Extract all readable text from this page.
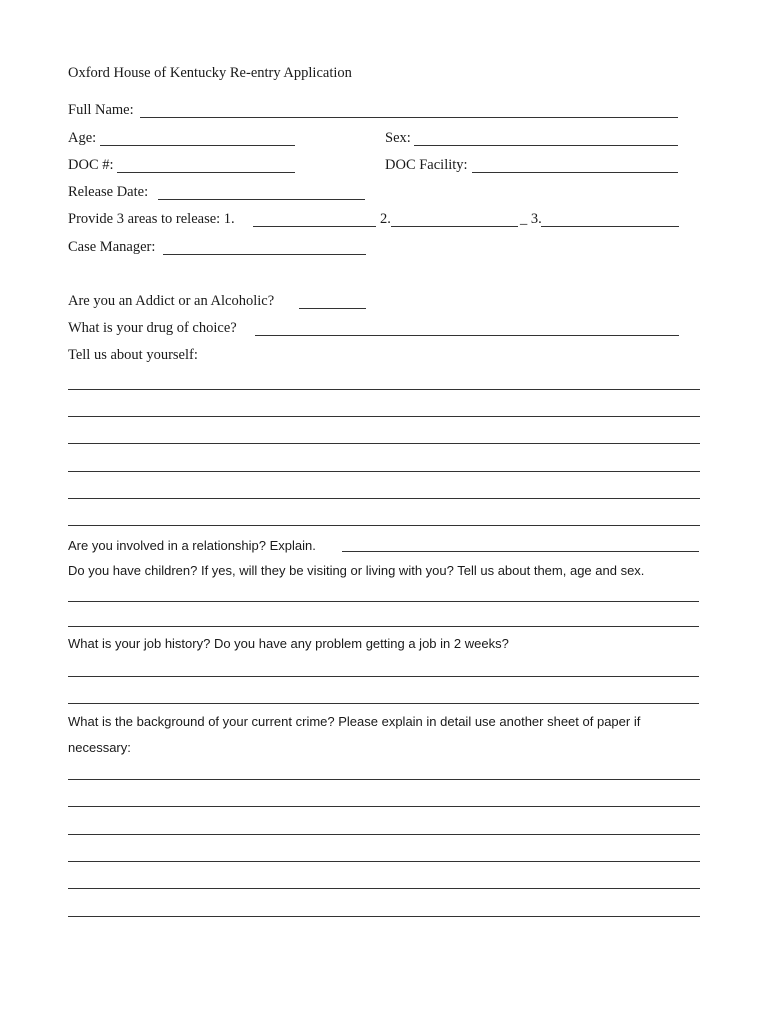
Oxford House of Kentucky Re-entry Application
Full Name:
Age:	Sex:
DOC #:	DOC Facility:
Release Date:
Provide 3 areas to release: 1.	2.	_ 3.
Case Manager:
Are you an Addict or an Alcoholic?
What is your drug of choice?
Tell us about yourself:
Are you involved in a relationship? Explain.
Do you have children? If yes, will they be visiting or living with you? Tell us about them, age and sex.
What is your job history? Do you have any problem getting a job in 2 weeks?
What is the background of your current crime? Please explain in detail use another sheet of paper if
necessary:
